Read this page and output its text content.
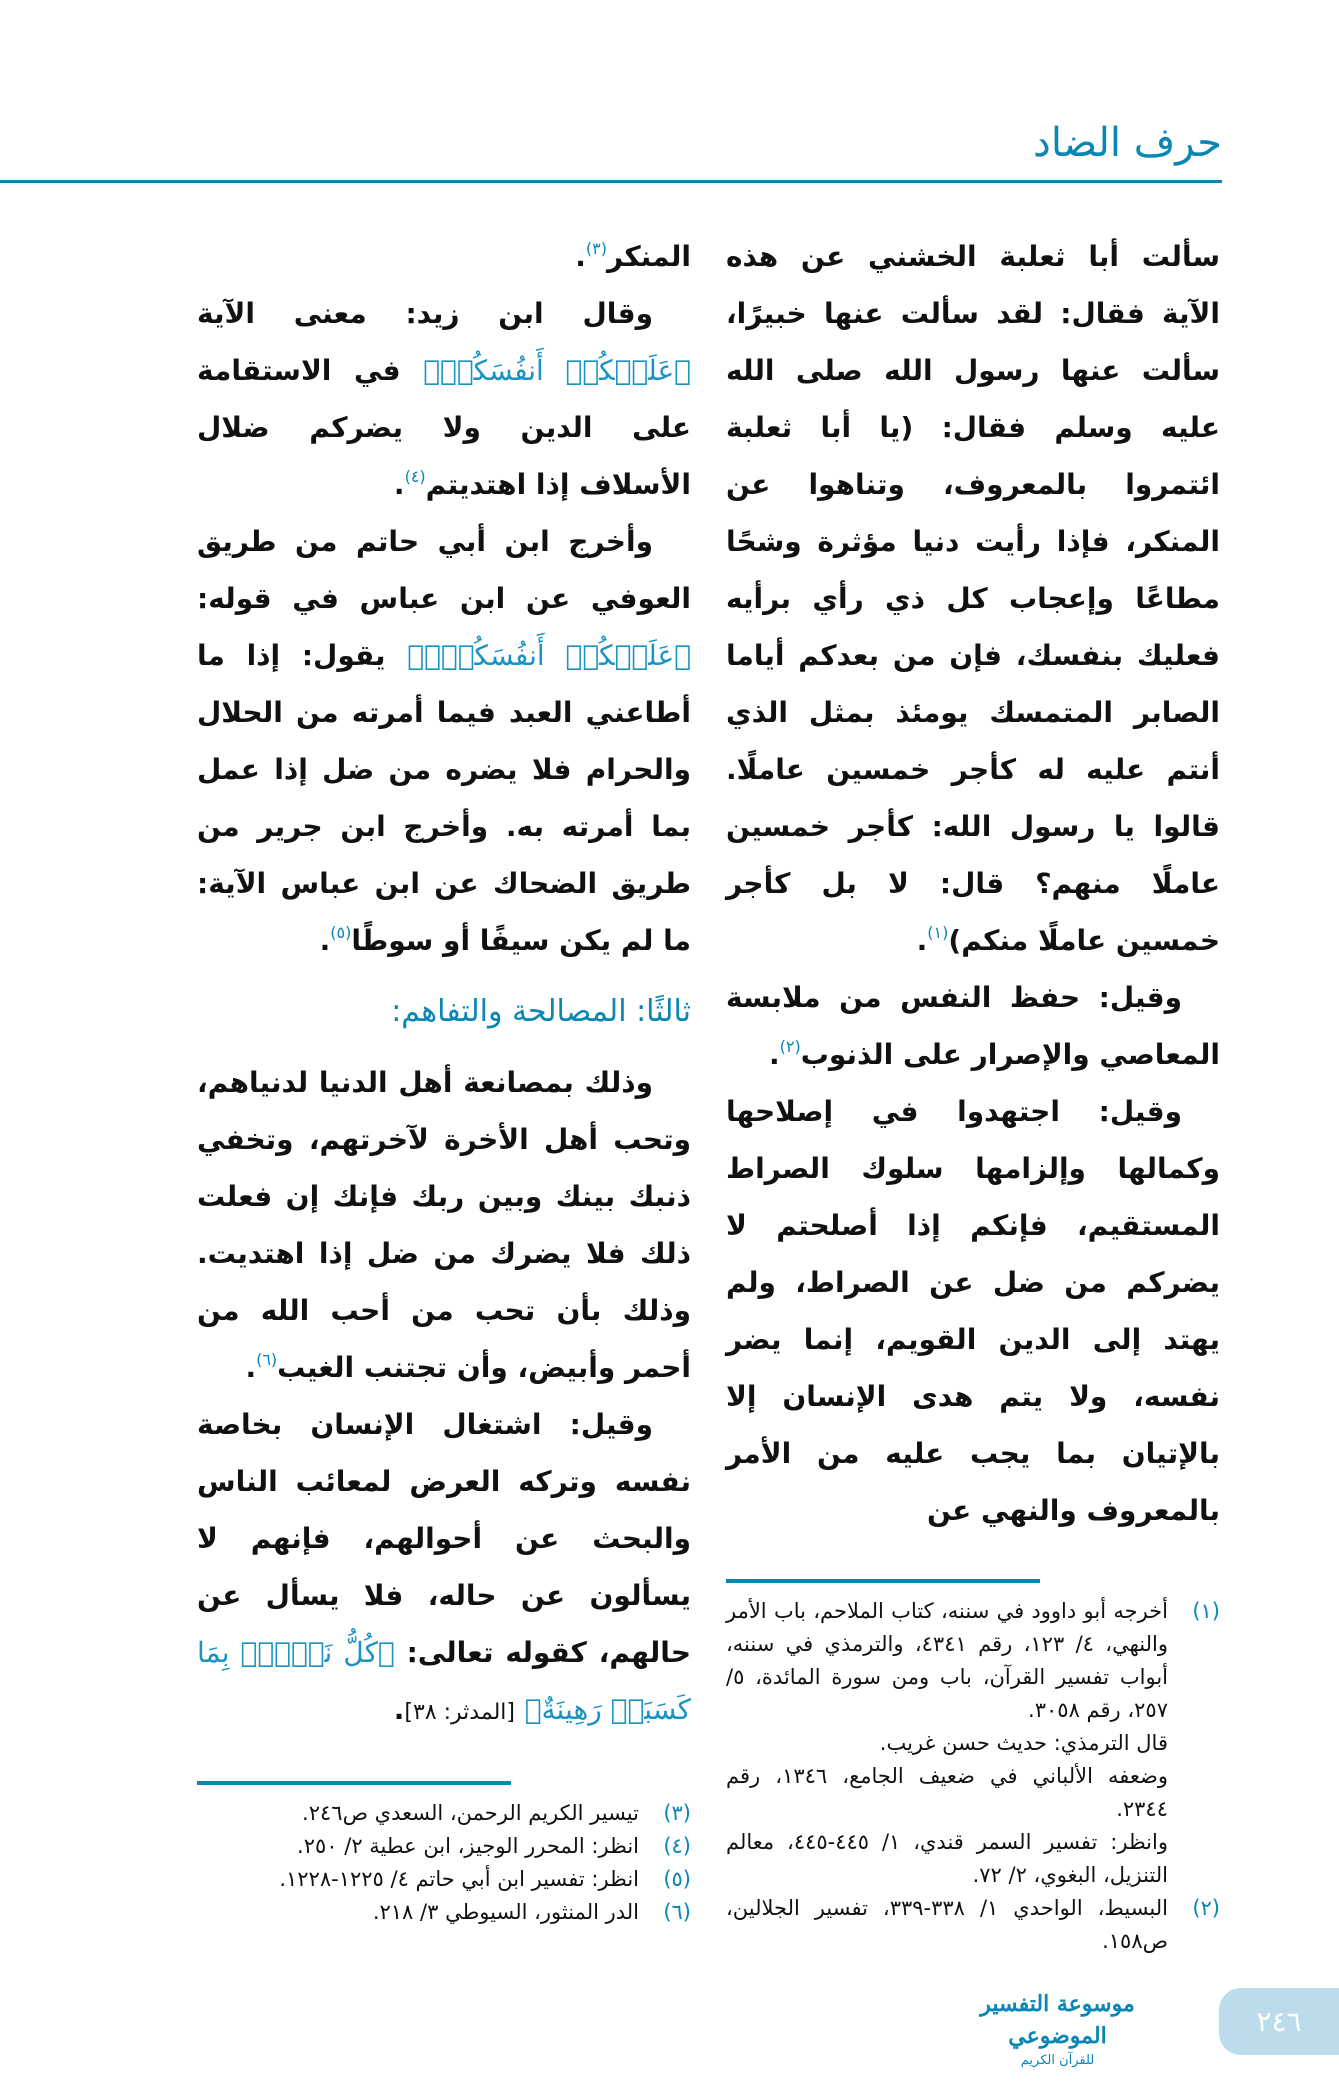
حرف الضاد

سألت أبا ثعلبة الخشني عن هذه الآية فقال: لقد سألت عنها خبيرًا، سألت عنها رسول الله صلى الله عليه وسلم فقال: (يا أبا ثعلبة ائتمروا بالمعروف، وتناهوا عن المنكر، فإذا رأيت دنيا مؤثرة وشحًا مطاعًا وإعجاب كل ذي رأي برأيه فعليك بنفسك، فإن من بعدكم أياما الصابر المتمسك يومئذ بمثل الذي أنتم عليه له كأجر خمسين عاملًا. قالوا يا رسول الله: كأجر خمسين عاملًا منهم؟ قال: لا بل كأجر خمسين عاملًا منكم)$^{(١)}$.

وقيل: حفظ النفس من ملابسة المعاصي والإصرار على الذنوب$^{(٢)}$.

وقيل: اجتهدوا في إصلاحها وكمالها وإلزامها سلوك الصراط المستقيم، فإنكم إذا أصلحتم لا يضركم من ضل عن الصراط، ولم يهتد إلى الدين القويم، إنما يضر نفسه، ولا يتم هدى الإنسان إلا بالإتيان بما يجب عليه من الأمر بالمعروف والنهي عن

(١)
أخرجه أبو داوود في سننه، كتاب الملاحم، باب الأمر والنهي، ٤/ ١٢٣، رقم ٤٣٤١، والترمذي في سننه، أبواب تفسير القرآن، باب ومن سورة المائدة، ٥/ ٢٥٧، رقم ٣٠٥٨.
قال الترمذي: حديث حسن غريب.
وضعفه الألباني في ضعيف الجامع، ١٣٤٦، رقم ٢٣٤٤.
وانظر: تفسير السمر قندي، ١/ ٤٤٥-٤٤٥، معالم التنزيل، البغوي، ٢/ ٧٢.
(٢)
البسيط، الواحدي ١/ ٣٣٨-٣٣٩، تفسير الجلالين، ص١٥٨.

المنكر$^{(٣)}$.

وقال ابن زيد: معنى الآية ﴿عَلَيۡكُمۡ أَنفُسَكُمۡ﴾ في الاستقامة على الدين ولا يضركم ضلال الأسلاف إذا اهتديتم$^{(٤)}$.

وأخرج ابن أبي حاتم من طريق العوفي عن ابن عباس في قوله: ﴿عَلَيۡكُمۡ أَنفُسَكُمۡۖ﴾ يقول: إذا ما أطاعني العبد فيما أمرته من الحلال والحرام فلا يضره من ضل إذا عمل بما أمرته به. وأخرج ابن جرير من طريق الضحاك عن ابن عباس الآية: ما لم يكن سيفًا أو سوطًا$^{(٥)}$.

ثالثًا: المصالحة والتفاهم:

وذلك بمصانعة أهل الدنيا لدنياهم، وتحب أهل الأخرة لآخرتهم، وتخفي ذنبك بينك وبين ربك فإنك إن فعلت ذلك فلا يضرك من ضل إذا اهتديت. وذلك بأن تحب من أحب الله من أحمر وأبيض، وأن تجتنب الغيب$^{(٦)}$.

وقيل: اشتغال الإنسان بخاصة نفسه وتركه العرض لمعائب الناس والبحث عن أحوالهم، فإنهم لا يسألون عن حاله، فلا يسأل عن حالهم، كقوله تعالى: ﴿كُلُّ نَفۡسِۭ بِمَا كَسَبَتۡ رَهِينَةٌ﴾ [المدثر: ٣٨].

(٣)
تيسير الكريم الرحمن، السعدي ص٢٤٦.
(٤)
انظر: المحرر الوجيز، ابن عطية ٢/ ٢٥٠.
(٥)
انظر: تفسير ابن أبي حاتم ٤/ ١٢٢٥-١٢٢٨.
(٦)
الدر المنثور، السيوطي ٣/ ٢١٨.
موسوعة التفسير الموضوعي
للقرآن الكريم
٢٤٦
